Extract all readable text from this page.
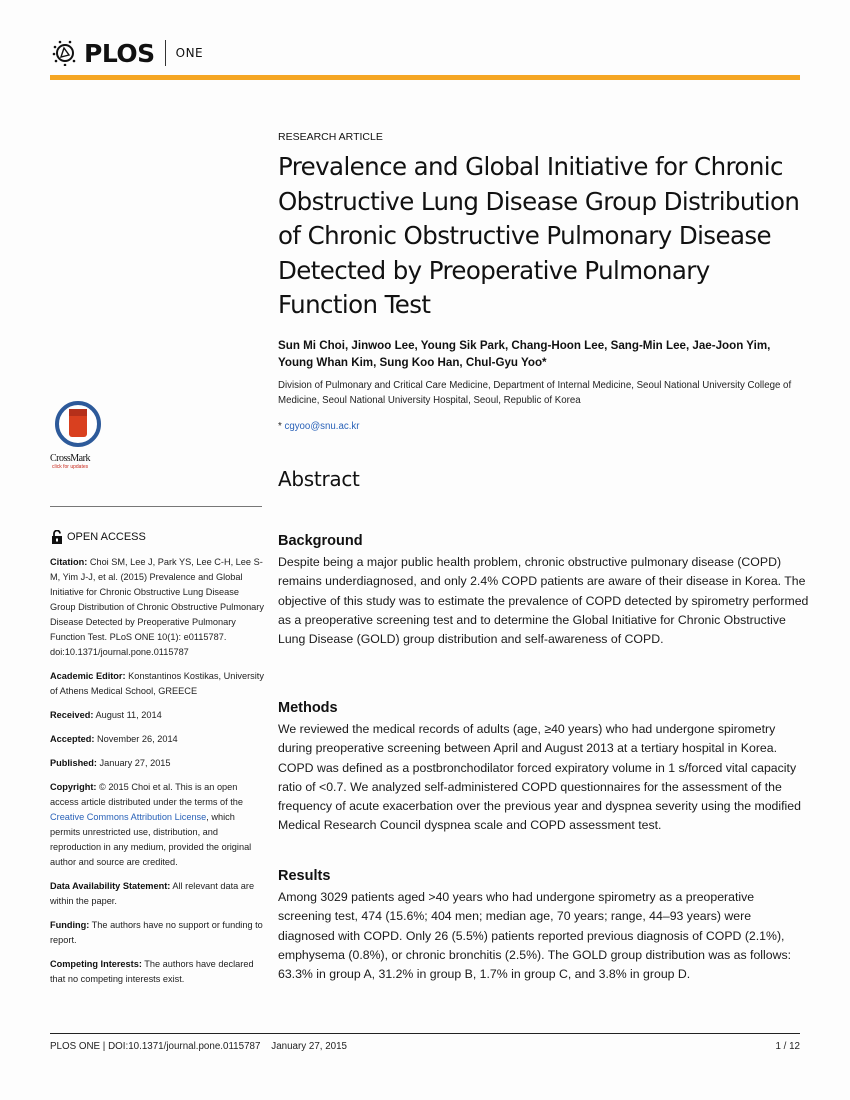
PLOS ONE
CrossMark
click for updates
OPEN ACCESS

Citation: Choi SM, Lee J, Park YS, Lee C-H, Lee S-M, Yim J-J, et al. (2015) Prevalence and Global Initiative for Chronic Obstructive Lung Disease Group Distribution of Chronic Obstructive Pulmonary Disease Detected by Preoperative Pulmonary Function Test. PLoS ONE 10(1): e0115787. doi:10.1371/journal.pone.0115787

Academic Editor: Konstantinos Kostikas, University of Athens Medical School, GREECE

Received: August 11, 2014

Accepted: November 26, 2014

Published: January 27, 2015

Copyright: © 2015 Choi et al. This is an open access article distributed under the terms of the Creative Commons Attribution License, which permits unrestricted use, distribution, and reproduction in any medium, provided the original author and source are credited.

Data Availability Statement: All relevant data are within the paper.

Funding: The authors have no support or funding to report.

Competing Interests: The authors have declared that no competing interests exist.

RESEARCH ARTICLE
Prevalence and Global Initiative for Chronic Obstructive Lung Disease Group Distribution of Chronic Obstructive Pulmonary Disease Detected by Preoperative Pulmonary Function Test
Sun Mi Choi, Jinwoo Lee, Young Sik Park, Chang-Hoon Lee, Sang-Min Lee, Jae-Joon Yim, Young Whan Kim, Sung Koo Han, Chul-Gyu Yoo*
Division of Pulmonary and Critical Care Medicine, Department of Internal Medicine, Seoul National University College of Medicine, Seoul National University Hospital, Seoul, Republic of Korea
* cgyoo@snu.ac.kr
Abstract
Background

Despite being a major public health problem, chronic obstructive pulmonary disease (COPD) remains underdiagnosed, and only 2.4% COPD patients are aware of their disease in Korea. The objective of this study was to estimate the prevalence of COPD detected by spirometry performed as a preoperative screening test and to determine the Global Initiative for Chronic Obstructive Lung Disease (GOLD) group distribution and self-awareness of COPD.

Methods

We reviewed the medical records of adults (age, ≥40 years) who had undergone spirometry during preoperative screening between April and August 2013 at a tertiary hospital in Korea. COPD was defined as a postbronchodilator forced expiratory volume in 1 s/forced vital capacity ratio of <0.7. We analyzed self-administered COPD questionnaires for the assessment of the frequency of acute exacerbation over the previous year and dyspnea severity using the modified Medical Research Council dyspnea scale and COPD assessment test.

Results

Among 3029 patients aged >40 years who had undergone spirometry as a preoperative screening test, 474 (15.6%; 404 men; median age, 70 years; range, 44–93 years) were diagnosed with COPD. Only 26 (5.5%) patients reported previous diagnosis of COPD (2.1%), emphysema (0.8%), or chronic bronchitis (2.5%). The GOLD group distribution was as follows: 63.3% in group A, 31.2% in group B, 1.7% in group C, and 3.8% in group D.

PLOS ONE | DOI:10.1371/journal.pone.0115787    January 27, 2015	1 / 12
